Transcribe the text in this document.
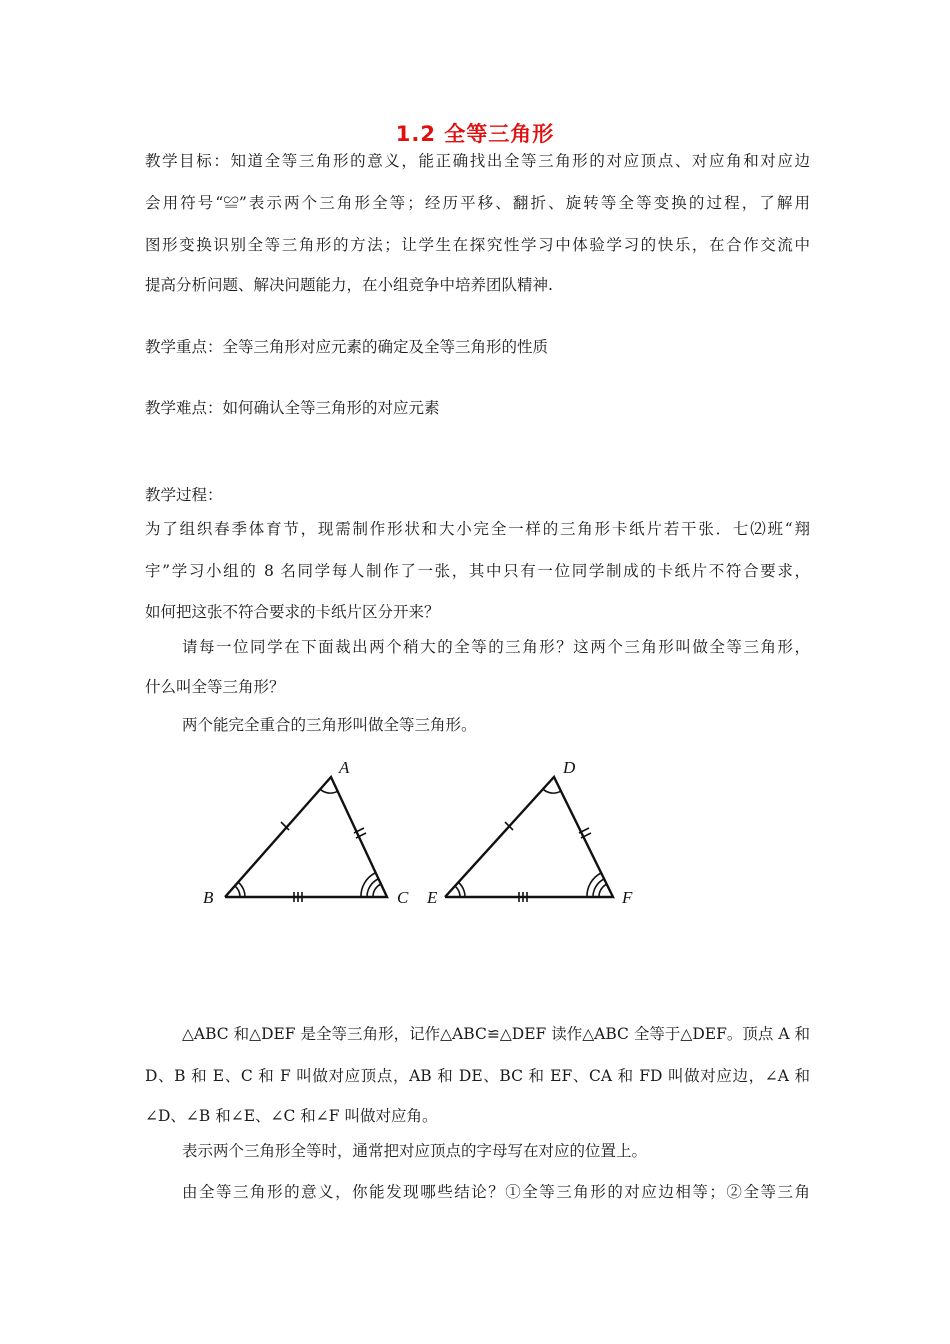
1.2 全等三角形
教学目标：知道全等三角形的意义，能正确找出全等三角形的对应顶点、对应角和对应边
会用符号“≌”表示两个三角形全等；经历平移、翻折、旋转等全等变换的过程，了解用
图形变换识别全等三角形的方法；让学生在探究性学习中体验学习的快乐，在合作交流中
提高分析问题、解决问题能力，在小组竞争中培养团队精神.
教学重点：全等三角形对应元素的确定及全等三角形的性质
教学难点：如何确认全等三角形的对应元素
教学过程：
为了组织春季体育节，现需制作形状和大小完全一样的三角形卡纸片若干张．七⑵班“翔
宇”学习小组的 8 名同学每人制作了一张，其中只有一位同学制成的卡纸片不符合要求，
如何把这张不符合要求的卡纸片区分开来？
请每一位同学在下面裁出两个稍大的全等的三角形？这两个三角形叫做全等三角形，
什么叫全等三角形？
两个能完全重合的三角形叫做全等三角形。
A
B	C
D
E	F
△ABC 和△DEF 是全等三角形，记作△ABC≌△DEF 读作△ABC 全等于△DEF。顶点 A 和
D、B 和 E、C 和 F 叫做对应顶点，AB 和 DE、BC 和 EF、CA 和 FD 叫做对应边，∠A 和
∠D、∠B 和∠E、∠C 和∠F 叫做对应角。
表示两个三角形全等时，通常把对应顶点的字母写在对应的位置上。
由全等三角形的意义，你能发现哪些结论？①全等三角形的对应边相等；②全等三角
